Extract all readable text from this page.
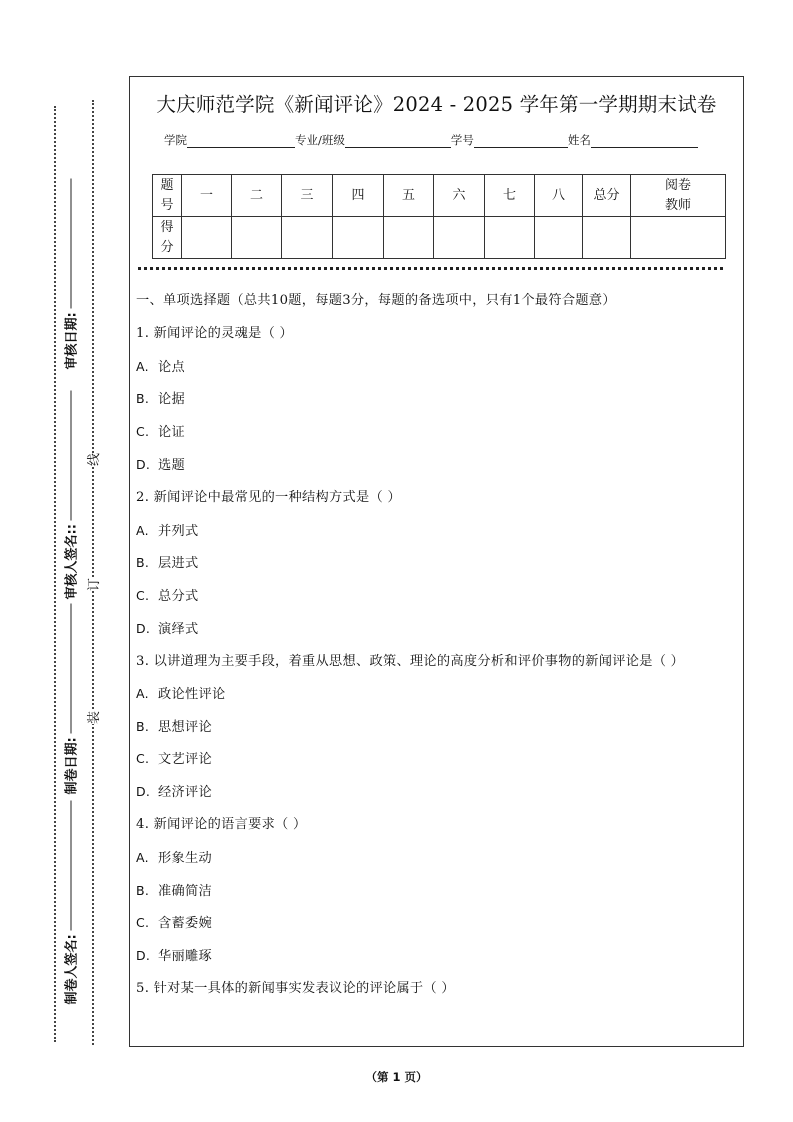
审核日期:
审核人签名::
制卷日期:
制卷人签名:
线
订
装
大庆师范学院《新闻评论》2024 - 2025 学年第一学期期末试卷
学院	专业/班级	学号	姓名
题号	一	二	三	四	五	六	七	八	总分	阅卷教师
得分										
一、单项选择题（总共10题，每题3分，每题的备选项中，只有1个最符合题意）
1. 新闻评论的灵魂是（ ）
A. 论点
B. 论据
C. 论证
D. 选题
2. 新闻评论中最常见的一种结构方式是（ ）
A. 并列式
B. 层进式
C. 总分式
D. 演绎式
3. 以讲道理为主要手段，着重从思想、政策、理论的高度分析和评价事物的新闻评论是（ ）
A. 政论性评论
B. 思想评论
C. 文艺评论
D. 经济评论
4. 新闻评论的语言要求（ ）
A. 形象生动
B. 准确简洁
C. 含蓄委婉
D. 华丽雕琢
5. 针对某一具体的新闻事实发表议论的评论属于（ ）
（第 1 页）
